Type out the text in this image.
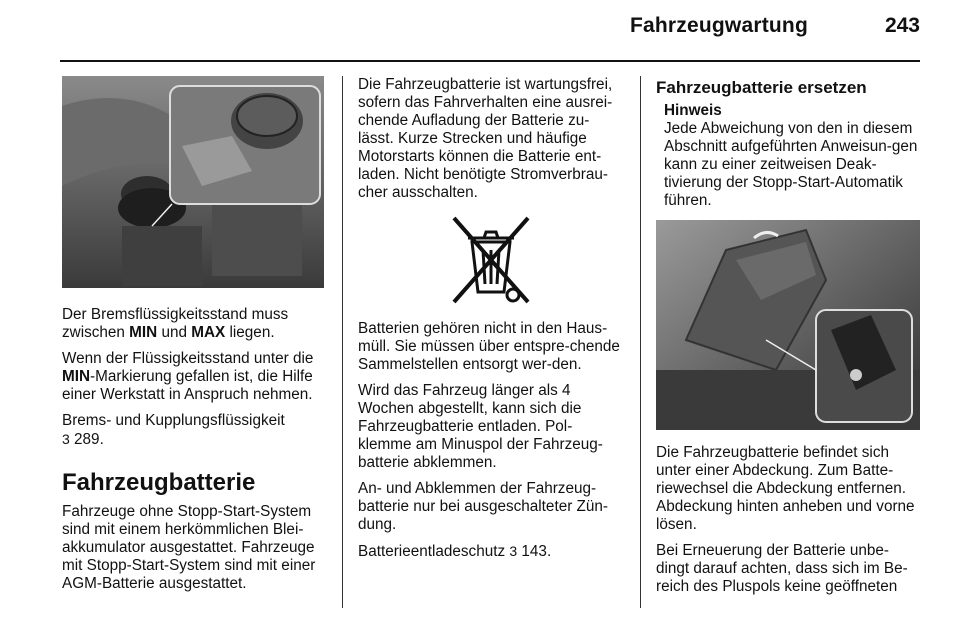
Fahrzeugwartung	243

Der Bremsflüssigkeitsstand muss zwischen MIN und MAX liegen.

Wenn der Flüssigkeitsstand unter die MIN-Markierung gefallen ist, die Hilfe einer Werkstatt in Anspruch nehmen.

Brems- und Kupplungsflüssigkeit
3 289.

Fahrzeugbatterie

Fahrzeuge ohne Stopp-Start-System sind mit einem herkömmlichen Blei-akkumulator ausgestattet. Fahrzeuge mit Stopp-Start-System sind mit einer AGM-Batterie ausgestattet.

Die Fahrzeugbatterie ist wartungsfrei, sofern das Fahrverhalten eine ausrei-chende Aufladung der Batterie zu-lässt. Kurze Strecken und häufige Motorstarts können die Batterie ent-laden. Nicht benötigte Stromverbrau-cher ausschalten.

Batterien gehören nicht in den Haus-müll. Sie müssen über entspre-chende Sammelstellen entsorgt wer-den.

Wird das Fahrzeug länger als 4 Wochen abgestellt, kann sich die Fahrzeugbatterie entladen. Pol-klemme am Minuspol der Fahrzeug-batterie abklemmen.

An- und Abklemmen der Fahrzeug-batterie nur bei ausgeschalteter Zün-dung.

Batterieentladeschutz 3 143.

Fahrzeugbatterie ersetzen
Hinweis

Jede Abweichung von den in diesem Abschnitt aufgeführten Anweisun-gen kann zu einer zeitweisen Deak-tivierung der Stopp-Start-Automatik führen.

Die Fahrzeugbatterie befindet sich unter einer Abdeckung. Zum Batte-riewechsel die Abdeckung entfernen. Abdeckung hinten anheben und vorne lösen.

Bei Erneuerung der Batterie unbe-dingt darauf achten, dass sich im Be-reich des Pluspols keine geöffneten
